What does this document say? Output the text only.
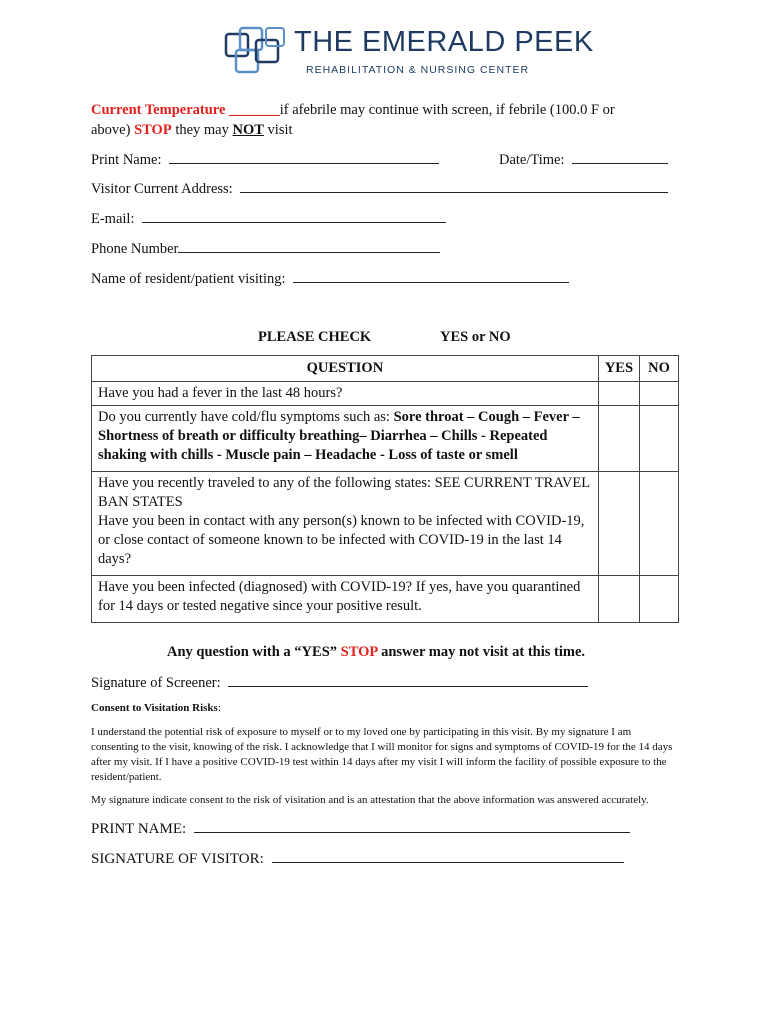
THE EMERALD PEEK
REHABILITATION & NURSING CENTER
Current Temperature _______if afebrile may continue with screen, if febrile (100.0 F or
above) STOP they may NOT visit
Print Name:	Date/Time:
Visitor Current Address:
E-mail:
Phone Number
Name of resident/patient visiting:
PLEASE CHECK	YES or NO
QUESTION	YES	NO
Have you had a fever in the last 48 hours?		
Do you currently have cold/flu symptoms such as: Sore throat – Cough – Fever – Shortness of breath or difficulty breathing– Diarrhea – Chills - Repeated shaking with chills - Muscle pain – Headache - Loss of taste or smell		

Have you recently traveled to any of the following states: SEE CURRENT TRAVEL BAN STATES
Have you been in contact with any person(s) known to be infected with COVID-19, or close contact of someone known to be infected with COVID-19 in the last 14 days?		

Have you been infected (diagnosed) with COVID-19? If yes, have you quarantined for 14 days or tested negative since your positive result.		
Any question with a “YES” STOP answer may not visit at this time.
Signature of Screener:
Consent to Visitation Risks:
I understand the potential risk of exposure to myself or to my loved one by participating in this visit. By my signature I am consenting to the visit, knowing of the risk. I acknowledge that I will monitor for signs and symptoms of COVID-19 for the 14 days after my visit. If I have a positive COVID-19 test within 14 days after my visit I will inform the facility of possible exposure to the resident/patient.
My signature indicate consent to the risk of visitation and is an attestation that the above information was answered accurately.
PRINT NAME:
SIGNATURE OF VISITOR:
